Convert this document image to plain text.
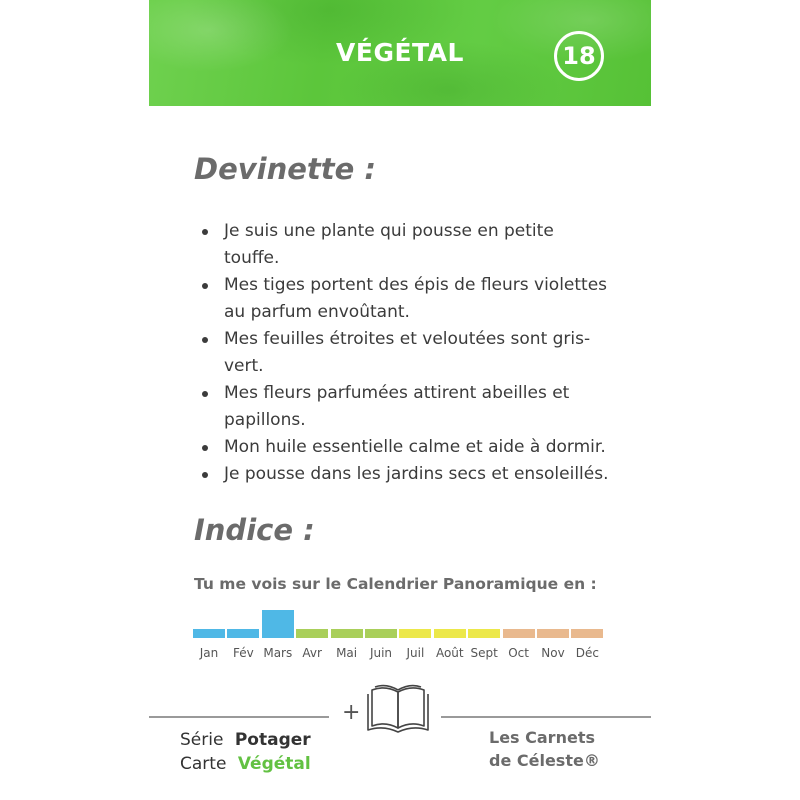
VÉGÉTAL	18
Devinette :
Je suis une plante qui pousse en petite touffe.
Mes tiges portent des épis de fleurs violettes au parfum envoûtant.
Mes feuilles étroites et veloutées sont gris-vert.
Mes fleurs parfumées attirent abeilles et papillons.
Mon huile essentielle calme et aide à dormir.
Je pousse dans les jardins secs et ensoleillés.
Indice :
Tu me vois sur le Calendrier Panoramique en :
Jan	Fév Mars Avr	Mai	Juin	Juil Août Sept Oct	Nov Déc
+
Série Potager
Carte Végétal
Les Carnets
de Céleste®
